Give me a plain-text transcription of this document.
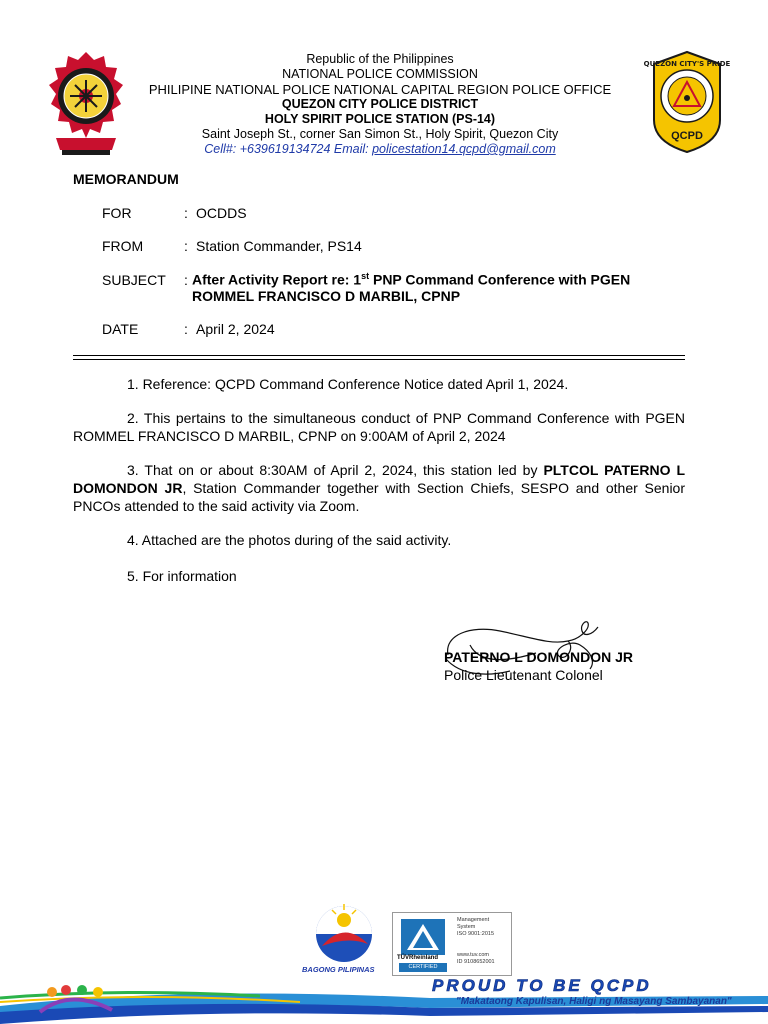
QUEZON CITY'S PRIDE
QCPD
Republic of the Philippines
NATIONAL POLICE COMMISSION
PHILIPINE NATIONAL POLICE NATIONAL CAPITAL REGION POLICE OFFICE
QUEZON CITY POLICE DISTRICT
HOLY SPIRIT POLICE STATION (PS-14)
Saint Joseph St., corner San Simon St., Holy Spirit, Quezon City
Cell#: +639619134724 Email: policestation14.qcpd@gmail.com
MEMORANDUM
FOR	: OCDDS
FROM	: Station Commander, PS14
SUBJECT : After Activity Report re: 1st PNP Command Conference with PGEN
ROMMEL FRANCISCO D MARBIL, CPNP
DATE	: April 2, 2024
1. Reference: QCPD Command Conference Notice dated April 1, 2024.
2. This pertains to the simultaneous conduct of PNP Command Conference with PGEN ROMMEL FRANCISCO D MARBIL, CPNP on 9:00AM of April 2, 2024
3. That on or about 8:30AM of April 2, 2024, this station led by PLTCOL PATERNO L DOMONDON JR, Station Commander together with Section Chiefs, SESPO and other Senior PNCOs attended to the said activity via Zoom.
4. Attached are the photos during of the said activity.
5. For information
PATERNO L DOMONDON JR
Police Lieutenant Colonel
BAGONG PILIPINAS
TÜVRheinland
CERTIFIED
Management
System
ISO 9001:2015
www.tuv.com
ID 9108652001
PROUD TO BE QCPD
"Makataong Kapulisan, Haligi ng Masayang Sambayanan"
